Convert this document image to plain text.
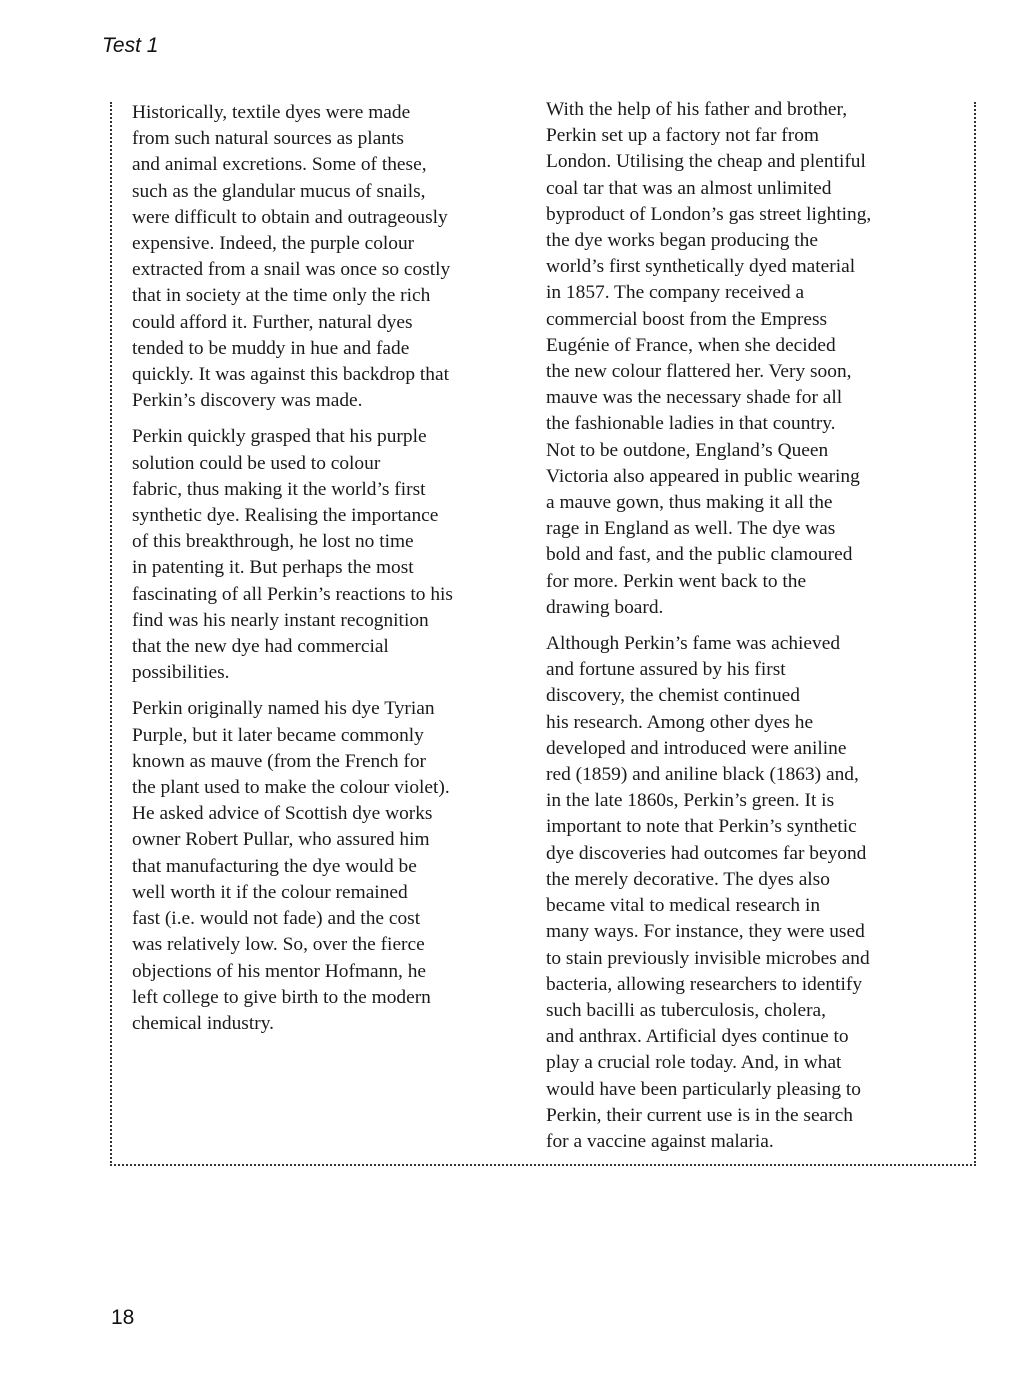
Test 1
Historically, textile dyes were made
from such natural sources as plants
and animal excretions. Some of these,
such as the glandular mucus of snails,
were difficult to obtain and outrageously
expensive. Indeed, the purple colour
extracted from a snail was once so costly
that in society at the time only the rich
could afford it. Further, natural dyes
tended to be muddy in hue and fade
quickly. It was against this backdrop that
Perkin’s discovery was made.
Perkin quickly grasped that his purple
solution could be used to colour
fabric, thus making it the world’s first
synthetic dye. Realising the importance
of this breakthrough, he lost no time
in patenting it. But perhaps the most
fascinating of all Perkin’s reactions to his
find was his nearly instant recognition
that the new dye had commercial
possibilities.
Perkin originally named his dye Tyrian
Purple, but it later became commonly
known as mauve (from the French for
the plant used to make the colour violet).
He asked advice of Scottish dye works
owner Robert Pullar, who assured him
that manufacturing the dye would be
well worth it if the colour remained
fast (i.e. would not fade) and the cost
was relatively low. So, over the fierce
objections of his mentor Hofmann, he
left college to give birth to the modern
chemical industry.
With the help of his father and brother,
Perkin set up a factory not far from
London. Utilising the cheap and plentiful
coal tar that was an almost unlimited
byproduct of London’s gas street lighting,
the dye works began producing the
world’s first synthetically dyed material
in 1857. The company received a
commercial boost from the Empress
Eugénie of France, when she decided
the new colour flattered her. Very soon,
mauve was the necessary shade for all
the fashionable ladies in that country.
Not to be outdone, England’s Queen
Victoria also appeared in public wearing
a mauve gown, thus making it all the
rage in England as well. The dye was
bold and fast, and the public clamoured
for more. Perkin went back to the
drawing board.
Although Perkin’s fame was achieved
and fortune assured by his first
discovery, the chemist continued
his research. Among other dyes he
developed and introduced were aniline
red (1859) and aniline black (1863) and,
in the late 1860s, Perkin’s green. It is
important to note that Perkin’s synthetic
dye discoveries had outcomes far beyond
the merely decorative. The dyes also
became vital to medical research in
many ways. For instance, they were used
to stain previously invisible microbes and
bacteria, allowing researchers to identify
such bacilli as tuberculosis, cholera,
and anthrax. Artificial dyes continue to
play a crucial role today. And, in what
would have been particularly pleasing to
Perkin, their current use is in the search
for a vaccine against malaria.
18
